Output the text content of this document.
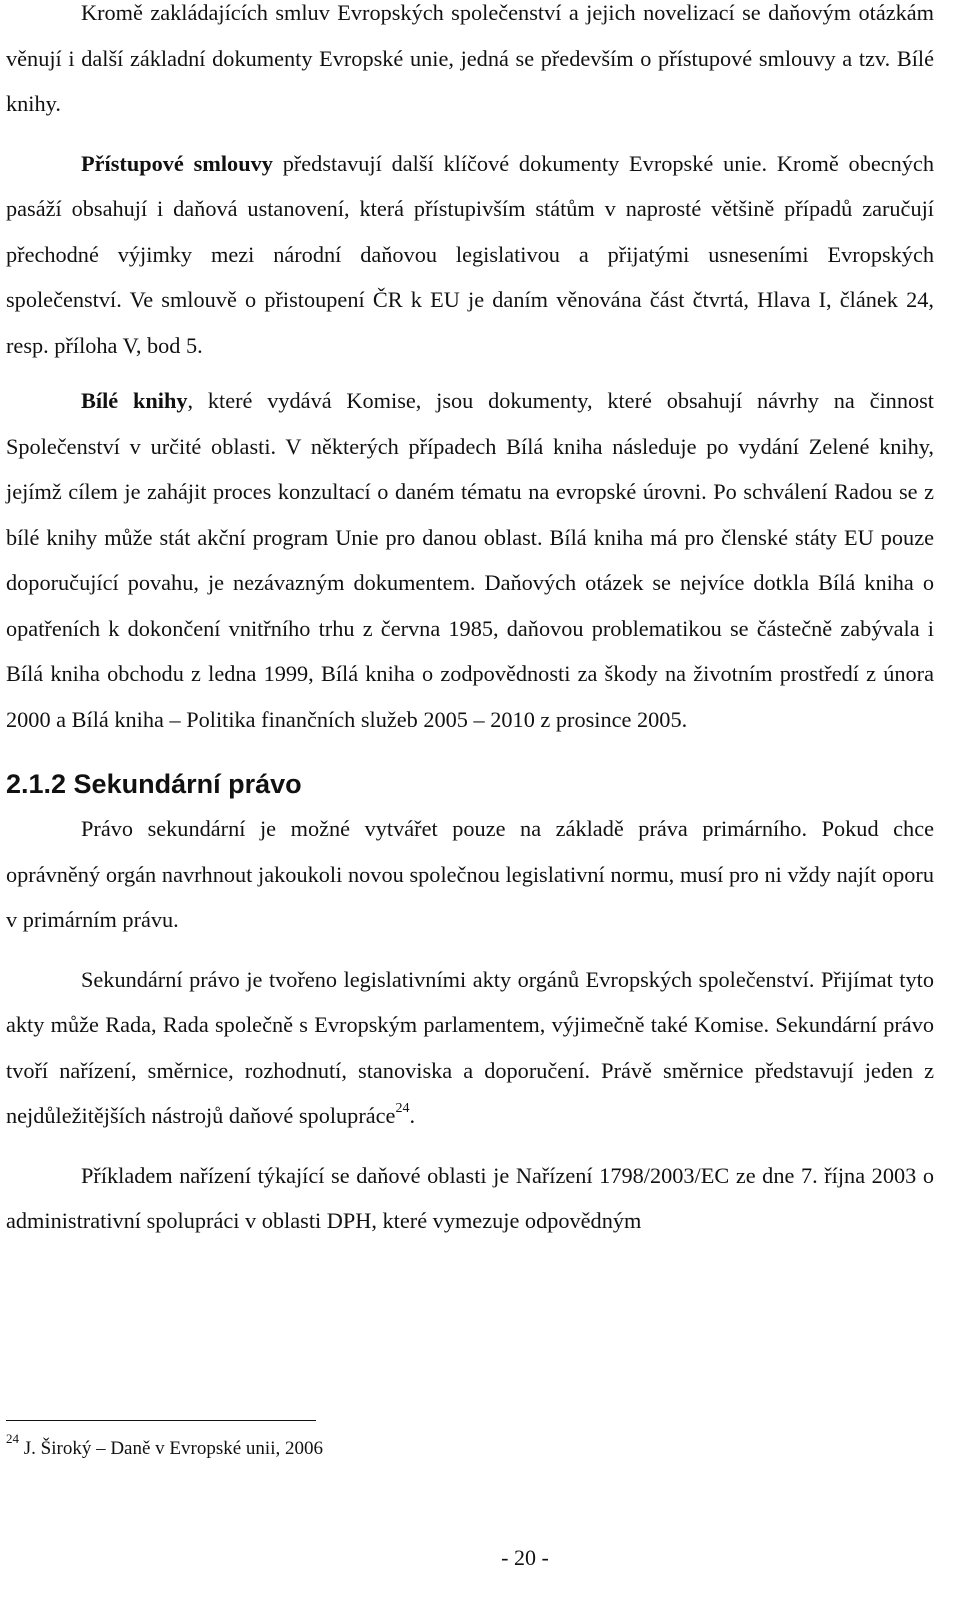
Kromě zakládajících smluv Evropských společenství a jejich novelizací se daňovým otázkám věnují i další základní dokumenty Evropské unie, jedná se především o přístupové smlouvy a tzv. Bílé knihy.

Přístupové smlouvy představují další klíčové dokumenty Evropské unie. Kromě obecných pasáží obsahují i daňová ustanovení, která přístupivším státům v naprosté většině případů zaručují přechodné výjimky mezi národní daňovou legislativou a přijatými usneseními Evropských společenství. Ve smlouvě o přistoupení ČR k EU je daním věnována část čtvrtá, Hlava I, článek 24, resp. příloha V, bod 5.

Bílé knihy, které vydává Komise, jsou dokumenty, které obsahují návrhy na činnost Společenství v určité oblasti. V některých případech Bílá kniha následuje po vydání Zelené knihy, jejímž cílem je zahájit proces konzultací o daném tématu na evropské úrovni. Po schválení Radou se z bílé knihy může stát akční program Unie pro danou oblast. Bílá kniha má pro členské státy EU pouze doporučující povahu, je nezávazným dokumentem. Daňových otázek se nejvíce dotkla Bílá kniha o opatřeních k dokončení vnitřního trhu z června 1985, daňovou problematikou se částečně zabývala i Bílá kniha obchodu z ledna 1999, Bílá kniha o zodpovědnosti za škody na životním prostředí z února 2000 a Bílá kniha – Politika finančních služeb 2005 – 2010 z prosince 2005.

2.1.2 Sekundární právo

Právo sekundární je možné vytvářet pouze na základě práva primárního. Pokud chce oprávněný orgán navrhnout jakoukoli novou společnou legislativní normu, musí pro ni vždy najít oporu v primárním právu.

Sekundární právo je tvořeno legislativními akty orgánů Evropských společenství. Přijímat tyto akty může Rada, Rada společně s Evropským parlamentem, výjimečně také Komise. Sekundární právo tvoří nařízení, směrnice, rozhodnutí, stanoviska a doporučení. Právě směrnice představují jeden z nejdůležitějších nástrojů daňové spolupráce$^{24}$.

Příkladem nařízení týkající se daňové oblasti je Nařízení 1798/2003/EC ze dne 7. října 2003 o administrativní spolupráci v oblasti DPH, které vymezuje odpovědným

$^{24}$ J. Široký – Daně v Evropské unii, 2006
- 20 -
